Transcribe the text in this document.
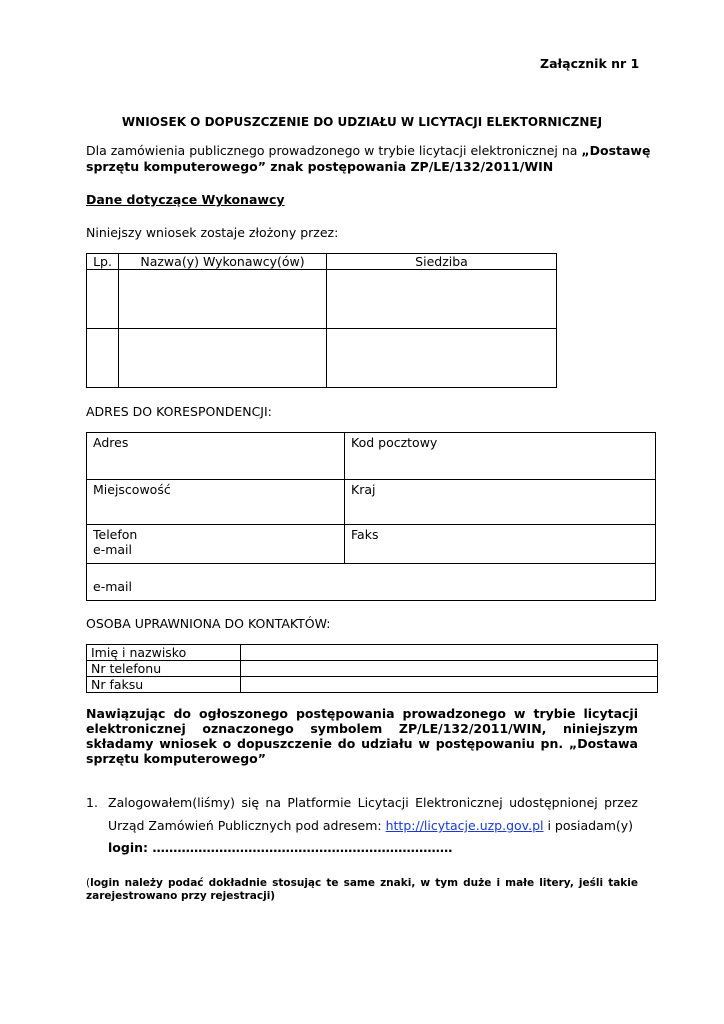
Załącznik nr 1
WNIOSEK O DOPUSZCZENIE DO UDZIAŁU W LICYTACJI ELEKTORNICZNEJ
Dla zamówienia publicznego prowadzonego w trybie licytacji elektronicznej na „Dostawę
sprzętu komputerowego” znak postępowania ZP/LE/132/2011/WIN
Dane dotyczące Wykonawcy
Niniejszy wniosek zostaje złożony przez:
Lp.	Nazwa(y) Wykonawcy(ów)	Siedziba

ADRES DO KORESPONDENCJI:
Adres	Kod pocztowy
Miejscowość	Kraj

Telefon
e-mail	Faks
e-mail	
OSOBA UPRAWNIONA DO KONTAKTÓW:
Imię i nazwisko	
Nr telefonu	
Nr faksu	
Nawiązując do ogłoszonego postępowania prowadzonego w trybie licytacji
elektronicznej oznaczonego symbolem ZP/LE/132/2011/WIN, niniejszym
składamy wniosek o dopuszczenie do udziału w postępowaniu pn. „Dostawa
sprzętu komputerowego”
1. Zalogowałem(liśmy) się na Platformie Licytacji Elektronicznej udostępnionej przez
Urząd Zamówień Publicznych pod adresem: http://licytacje.uzp.gov.pl i posiadam(y)
login: ………………………………………………………………
(login należy podać dokładnie stosując te same znaki, w tym duże i małe litery, jeśli takie
zarejestrowano przy rejestracji)
